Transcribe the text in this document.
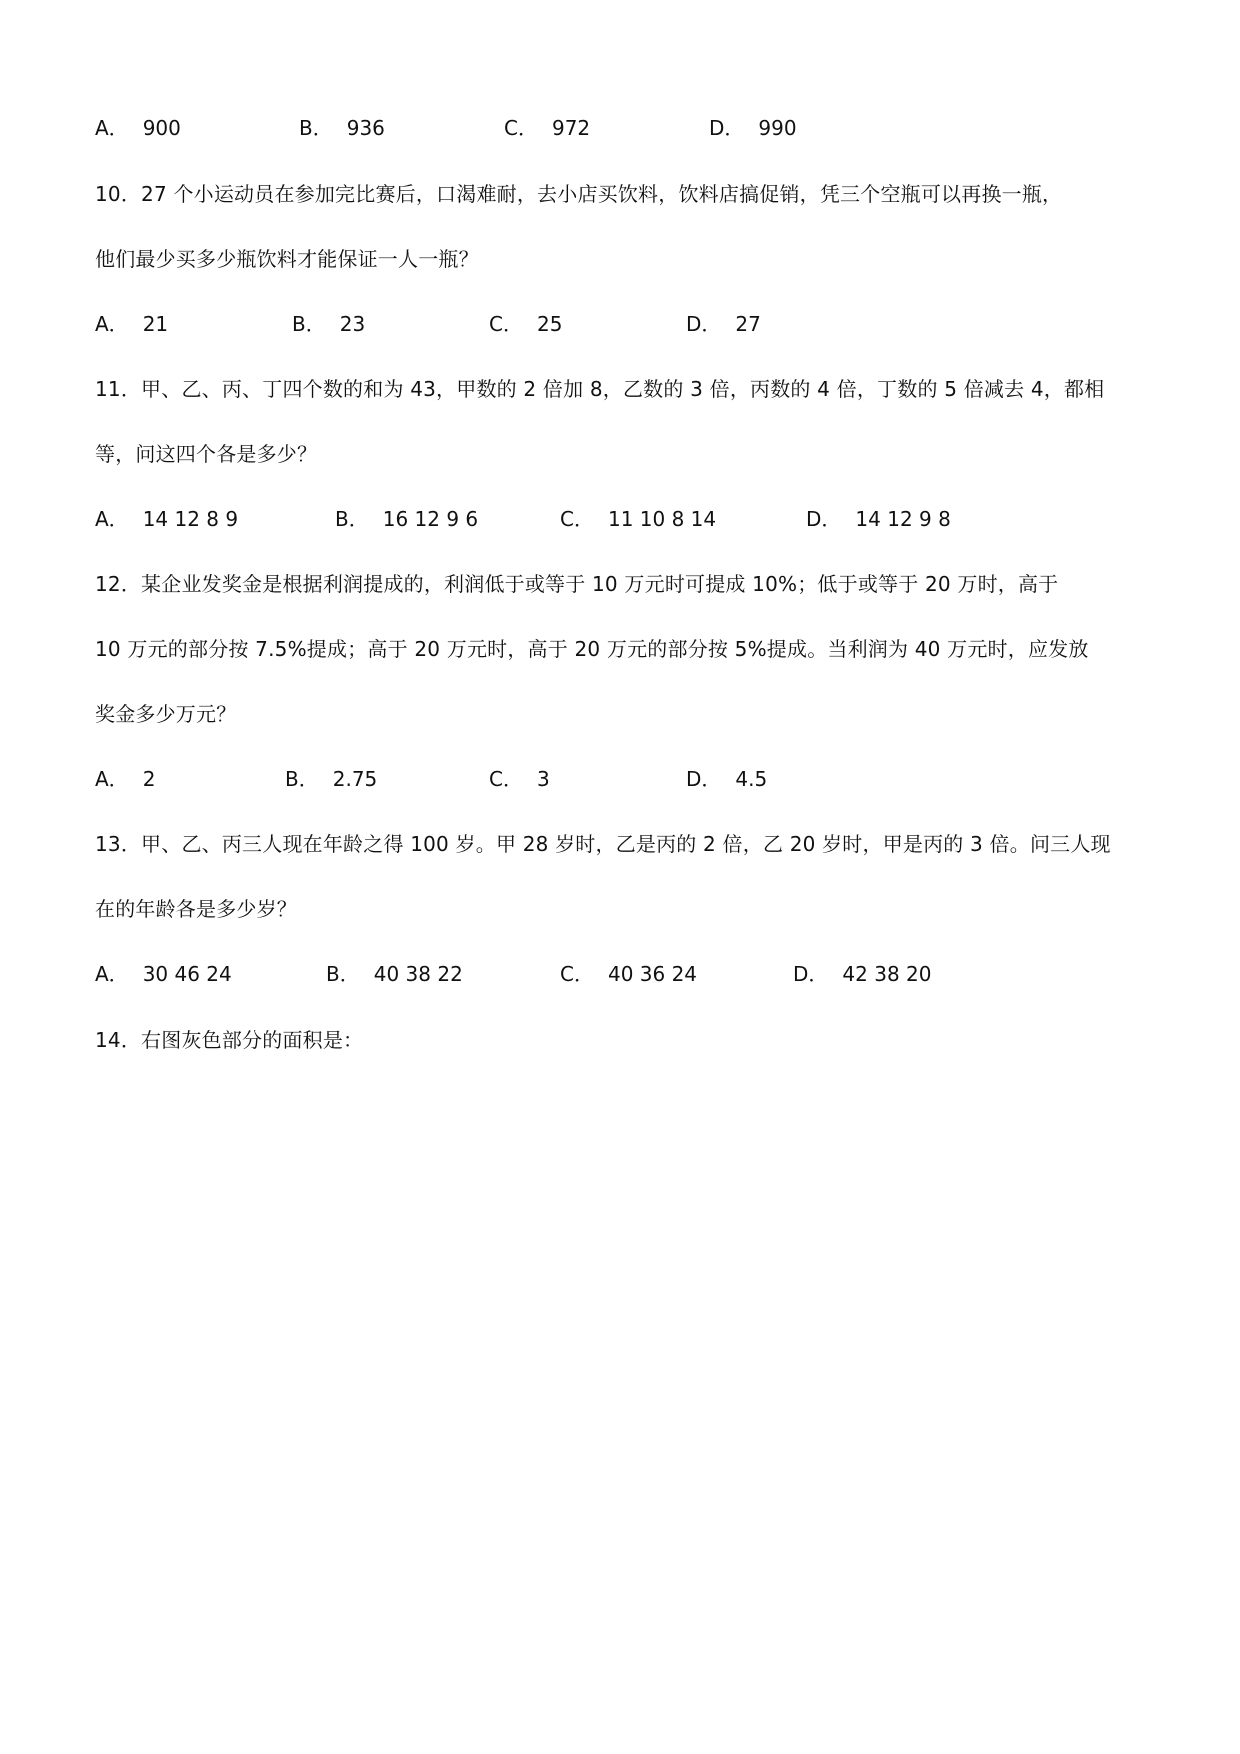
A． 900	B． 936	C． 972	D． 990
10．27 个小运动员在参加完比赛后，口渴难耐，去小店买饮料，饮料店搞促销，凭三个空瓶可以再换一瓶，
他们最少买多少瓶饮料才能保证一人一瓶？
A． 21	B． 23	C． 25	D． 27
11．甲、乙、丙、丁四个数的和为 43，甲数的 2 倍加 8，乙数的 3 倍，丙数的 4 倍，丁数的 5 倍减去 4，都相
等，问这四个各是多少？
A． 14 12 8 9	B． 16 12 9 6	C． 11 10 8 14	D． 14 12 9 8
12．某企业发奖金是根据利润提成的，利润低于或等于 10 万元时可提成 10%；低于或等于 20 万时，高于
10 万元的部分按 7.5%提成；高于 20 万元时，高于 20 万元的部分按 5%提成。当利润为 40 万元时，应发放
奖金多少万元？
A． 2	B． 2.75	C． 3	D． 4.5
13．甲、乙、丙三人现在年龄之得 100 岁。甲 28 岁时，乙是丙的 2 倍，乙 20 岁时，甲是丙的 3 倍。问三人现
在的年龄各是多少岁？
A． 30 46 24	B． 40 38 22	C． 40 36 24	D． 42 38 20
14．右图灰色部分的面积是：
